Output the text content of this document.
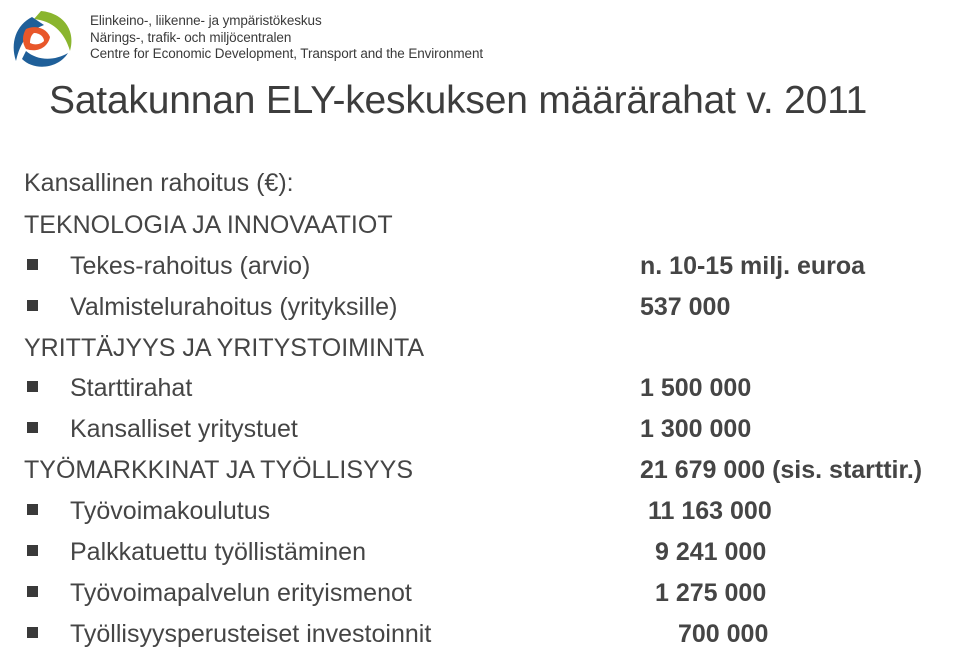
Elinkeino-, liikenne- ja ympäristökeskus
Närings-, trafik- och miljöcentralen
Centre for Economic Development, Transport and the Environment
Satakunnan ELY-keskuksen määrärahat v. 2011
Kansallinen rahoitus (€):
TEKNOLOGIA JA INNOVAATIOT
Tekes-rahoitus (arvio)	n. 10-15 milj. euroa
Valmistelurahoitus (yrityksille)	537 000
YRITTÄJYYS JA YRITYSTOIMINTA
Starttirahat	1 500 000
Kansalliset yritystuet	1 300 000
TYÖMARKKINAT JA TYÖLLISYYS	21 679 000 (sis. starttir.)
Työvoimakoulutus	11 163 000
Palkkatuettu työllistäminen	9 241 000
Työvoimapalvelun erityismenot	1 275 000
Työllisyysperusteiset investoinnit	700 000
